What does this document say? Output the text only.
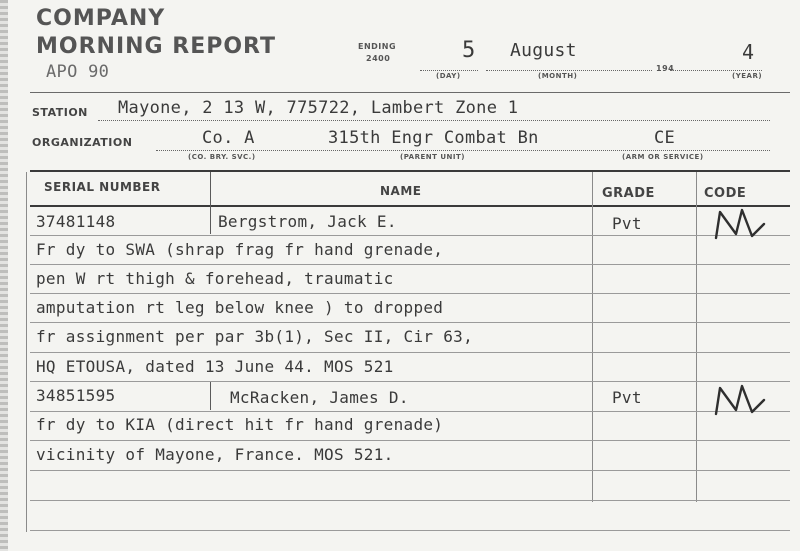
COMPANY
MORNING REPORT
APO 90
ENDING
2400	5 August
194
4
(DAY)	(MONTH)	(YEAR)
STATION Mayone, 2 13 W, 775722, Lambert Zone 1
ORGANIZATION	Co. A	315th Engr Combat Bn	CE
(CO. BRY. SVC.)	(PARENT UNIT)	(ARM OR SERVICE)
SERIAL NUMBER	NAME	GRADE	CODE
37481148	Bergstrom, Jack E.	Pvt
Fr dy to SWA (shrap frag fr hand grenade,
pen W rt thigh & forehead, traumatic
amputation rt leg below knee ) to dropped
fr assignment per par 3b(1), Sec II, Cir 63,
HQ ETOUSA, dated 13 June 44. MOS 521
34851595	McRacken, James D.	Pvt
fr dy to KIA (direct hit fr hand grenade)
vicinity of Mayone, France. MOS 521.
